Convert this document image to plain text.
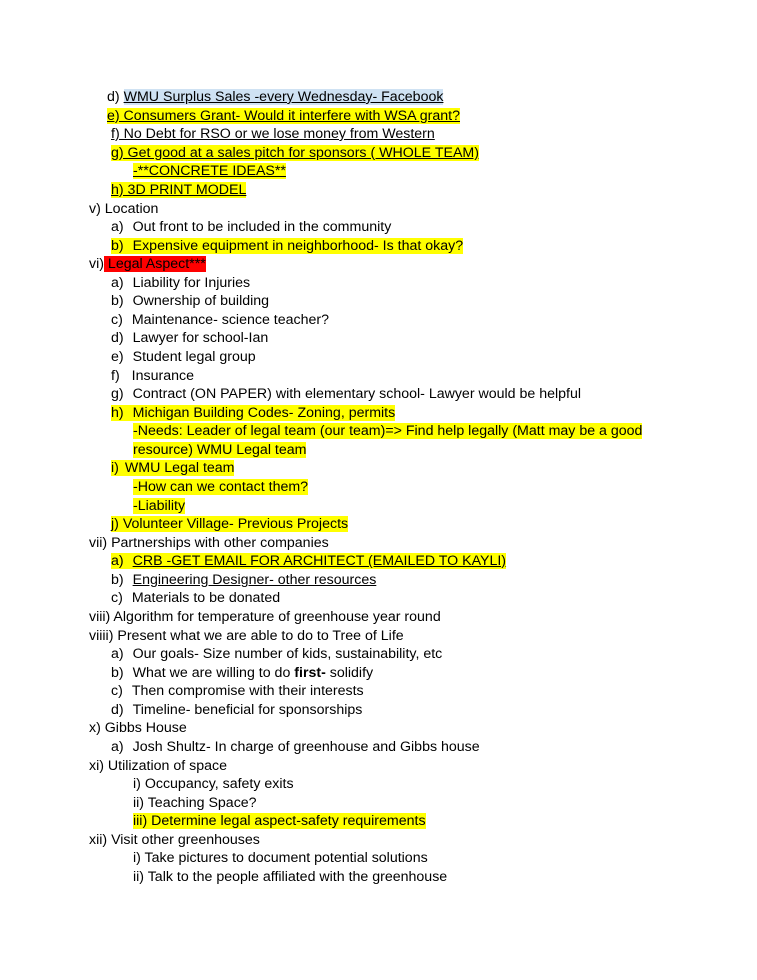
d) WMU Surplus Sales -every Wednesday- Facebook
e) Consumers Grant- Would it interfere with WSA grant?
f) No Debt for RSO or we lose money from Western
g) Get good at a sales pitch for sponsors ( WHOLE TEAM)
-**CONCRETE IDEAS**
h) 3D PRINT MODEL
v) Location
a) Out front to be included in the community
b) Expensive equipment in neighborhood- Is that okay?
vi) Legal Aspect***
a) Liability for Injuries
b) Ownership of building
c) Maintenance- science teacher?
d) Lawyer for school-Ian
e) Student legal group
f) Insurance
g) Contract (ON PAPER) with elementary school- Lawyer would be helpful
h) Michigan Building Codes- Zoning, permits
-Needs: Leader of legal team (our team)=> Find help legally (Matt may be a good
resource) WMU Legal team
i) WMU Legal team
-How can we contact them?
-Liability
j) Volunteer Village- Previous Projects
vii) Partnerships with other companies
a) CRB -GET EMAIL FOR ARCHITECT (EMAILED TO KAYLI)
b) Engineering Designer- other resources
c) Materials to be donated
viii) Algorithm for temperature of greenhouse year round
viiii) Present what we are able to do to Tree of Life
a) Our goals- Size number of kids, sustainability, etc
b) What we are willing to do first- solidify
c) Then compromise with their interests
d) Timeline- beneficial for sponsorships
x) Gibbs House
a) Josh Shultz- In charge of greenhouse and Gibbs house
xi) Utilization of space
i) Occupancy, safety exits
ii) Teaching Space?
iii) Determine legal aspect-safety requirements
xii) Visit other greenhouses
i) Take pictures to document potential solutions
ii) Talk to the people affiliated with the greenhouse
